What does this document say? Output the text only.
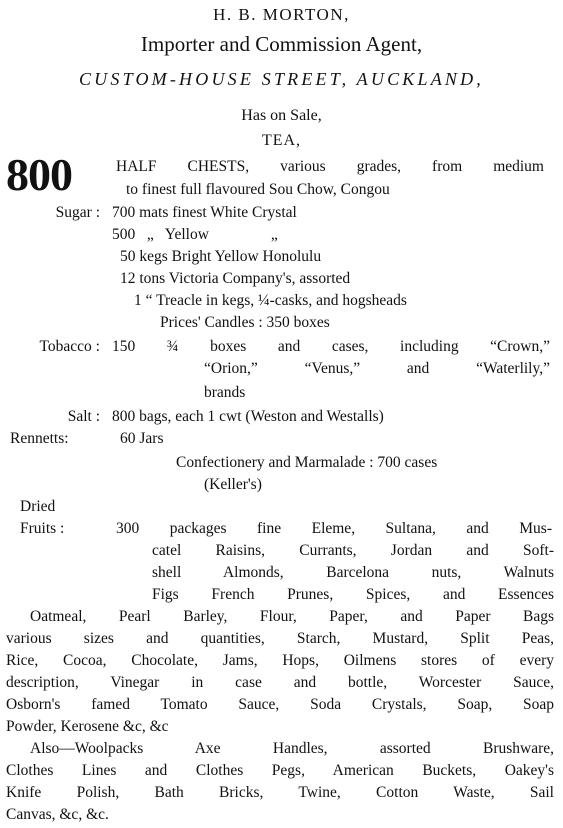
H. B. MORTON,
Importer and Commission Agent,
CUSTOM-HOUSE STREET, AUCKLAND,
Has on Sale,
TEA,
800	HALF CHESTS, various grades, from medium
to finest full flavoured Sou Chow, Congou
Sugar : 700 mats finest White Crystal
500   „   Yellow                „
50 kegs Bright Yellow Honolulu
12 tons Victoria Company's, assorted
1 “ Treacle in kegs, ¼-casks, and hogsheads
Prices' Candles : 350 boxes
Tobacco : 150 ¾ boxes and cases, including “Crown,”
“Orion,” “Venus,” and “Waterlily,”
brands
Salt : 800 bags, each 1 cwt (Weston and Westalls)
Rennetts:	60 Jars
Confectionery and Marmalade : 700 cases
(Keller's)
Dried
Fruits :	300 packages fine Eleme, Sultana, and Mus-
catel Raisins, Currants, Jordan and Soft-
shell Almonds, Barcelona nuts, Walnuts
Figs French Prunes, Spices, and Essences
Oatmeal, Pearl Barley, Flour, Paper, and Paper Bags
various sizes and quantities, Starch, Mustard, Split Peas,
Rice, Cocoa, Chocolate, Jams, Hops, Oilmens stores of every
description, Vinegar in case and bottle, Worcester Sauce,
Osborn's famed Tomato Sauce, Soda Crystals, Soap, Soap
Powder, Kerosene &c, &c
Also—Woolpacks Axe Handles, assorted Brushware,
Clothes Lines and Clothes Pegs, American Buckets, Oakey's
Knife Polish, Bath Bricks, Twine, Cotton Waste, Sail
Canvas, &c, &c.
